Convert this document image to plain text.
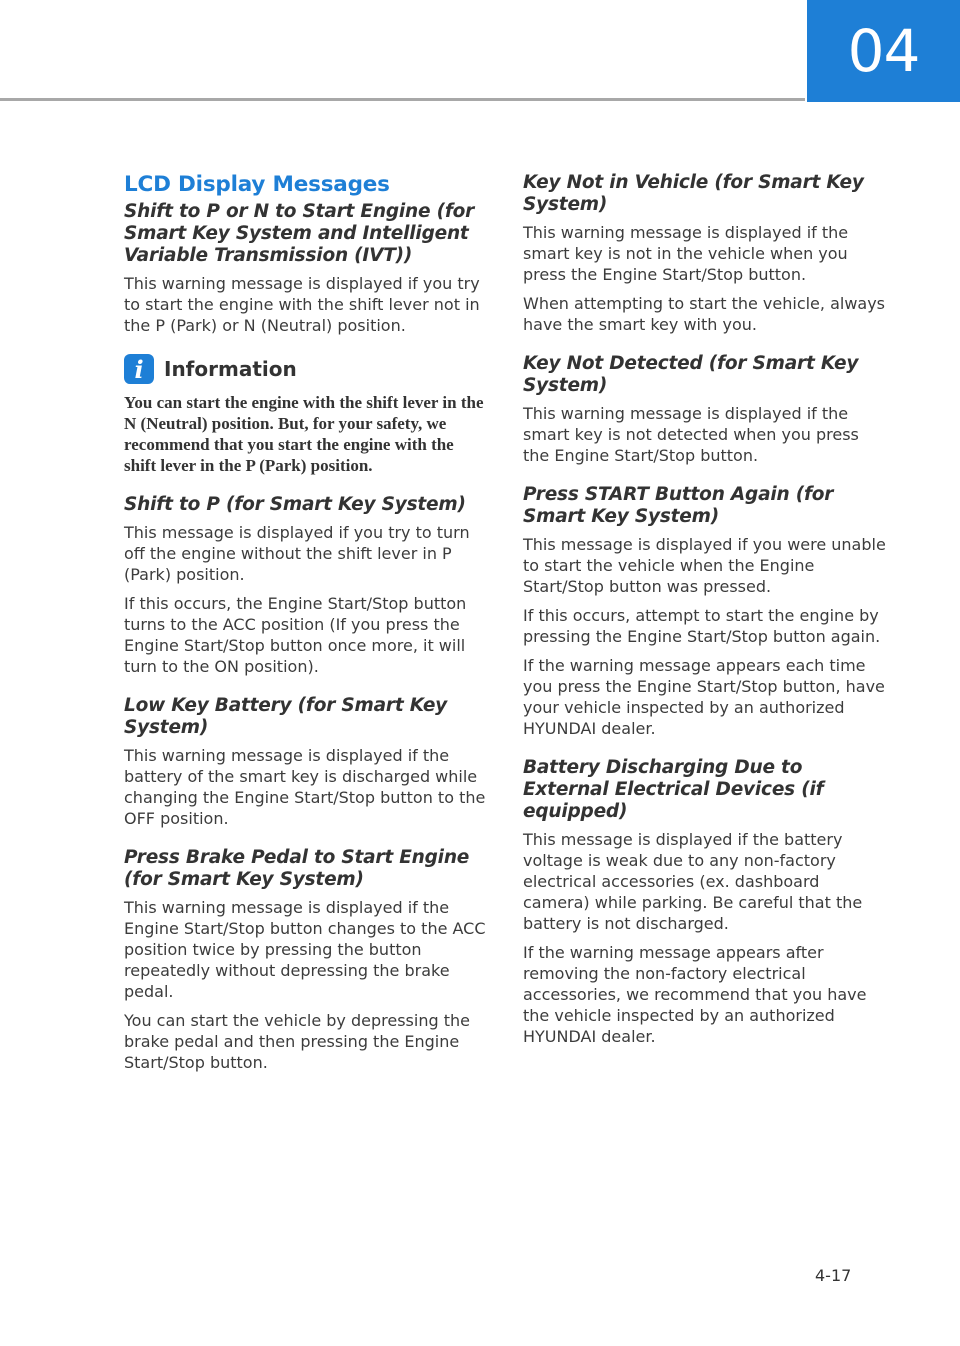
04
LCD Display Messages
Shift to P or N to Start Engine (for Smart Key System and Intelligent Variable Transmission (IVT))

This warning message is displayed if you try to start the engine with the shift lever not in the P (Park) or N (Neutral) position.

i	Information

You can start the engine with the shift lever in the N (Neutral) position. But, for your safety, we recommend that you start the engine with the shift lever in the P (Park) position.

Shift to P (for Smart Key System)

This message is displayed if you try to turn off the engine without the shift lever in P (Park) position.

If this occurs, the Engine Start/Stop button turns to the ACC position (If you press the Engine Start/Stop button once more, it will turn to the ON position).

Low Key Battery (for Smart Key System)

This warning message is displayed if the battery of the smart key is discharged while changing the Engine Start/Stop button to the OFF position.

Press Brake Pedal to Start Engine (for Smart Key System)

This warning message is displayed if the Engine Start/Stop button changes to the ACC position twice by pressing the button repeatedly without depressing the brake pedal.

You can start the vehicle by depressing the brake pedal and then pressing the Engine Start/Stop button.

Key Not in Vehicle (for Smart Key System)

This warning message is displayed if the smart key is not in the vehicle when you press the Engine Start/Stop button.

When attempting to start the vehicle, always have the smart key with you.

Key Not Detected (for Smart Key System)

This warning message is displayed if the smart key is not detected when you press the Engine Start/Stop button.

Press START Button Again (for Smart Key System)

This message is displayed if you were unable to start the vehicle when the Engine Start/Stop button was pressed.

If this occurs, attempt to start the engine by pressing the Engine Start/Stop button again.

If the warning message appears each time you press the Engine Start/Stop button, have your vehicle inspected by an authorized HYUNDAI dealer.

Battery Discharging Due to External Electrical Devices (if equipped)

This message is displayed if the battery voltage is weak due to any non-factory electrical accessories (ex. dashboard camera) while parking. Be careful that the battery is not discharged.

If the warning message appears after removing the non-factory electrical accessories, we recommend that you have the vehicle inspected by an authorized HYUNDAI dealer.

4-17
